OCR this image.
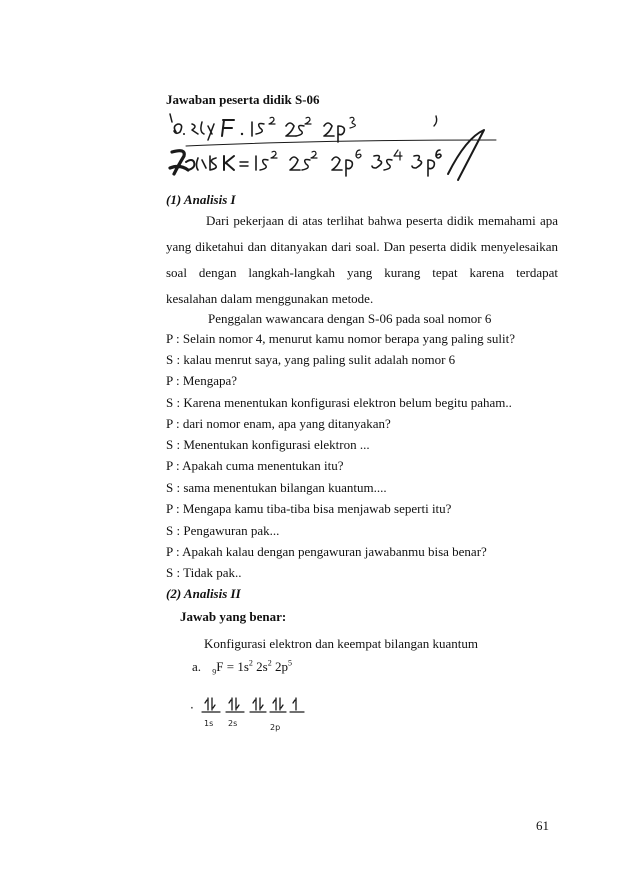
Jawaban peserta didik S-06
(1) Analisis I
Dari pekerjaan di atas terlihat bahwa peserta didik memahami apa
yang diketahui dan ditanyakan dari soal. Dan peserta didik menyelesaikan
soal dengan langkah-langkah yang kurang tepat karena terdapat
kesalahan dalam menggunakan metode.
Penggalan wawancara dengan S-06 pada soal nomor 6
P : Selain nomor 4, menurut kamu nomor berapa yang paling sulit?
S : kalau menrut saya, yang paling sulit adalah nomor 6
P : Mengapa?
S : Karena menentukan konfigurasi elektron belum begitu paham..
P : dari nomor enam, apa yang ditanyakan?
S : Menentukan konfigurasi elektron ...
P : Apakah cuma menentukan itu?
S : sama menentukan bilangan kuantum....
P : Mengapa kamu tiba-tiba bisa menjawab seperti itu?
S : Pengawuran pak...
P : Apakah kalau dengan pengawuran jawabanmu bisa benar?
S : Tidak pak..
(2) Analisis II
Jawab yang benar:
Konfigurasi elektron dan keempat bilangan kuantum
a. $_9F = 1s^2$ $2s^2$ $2p^5$
·
1s 2s	2p
61
